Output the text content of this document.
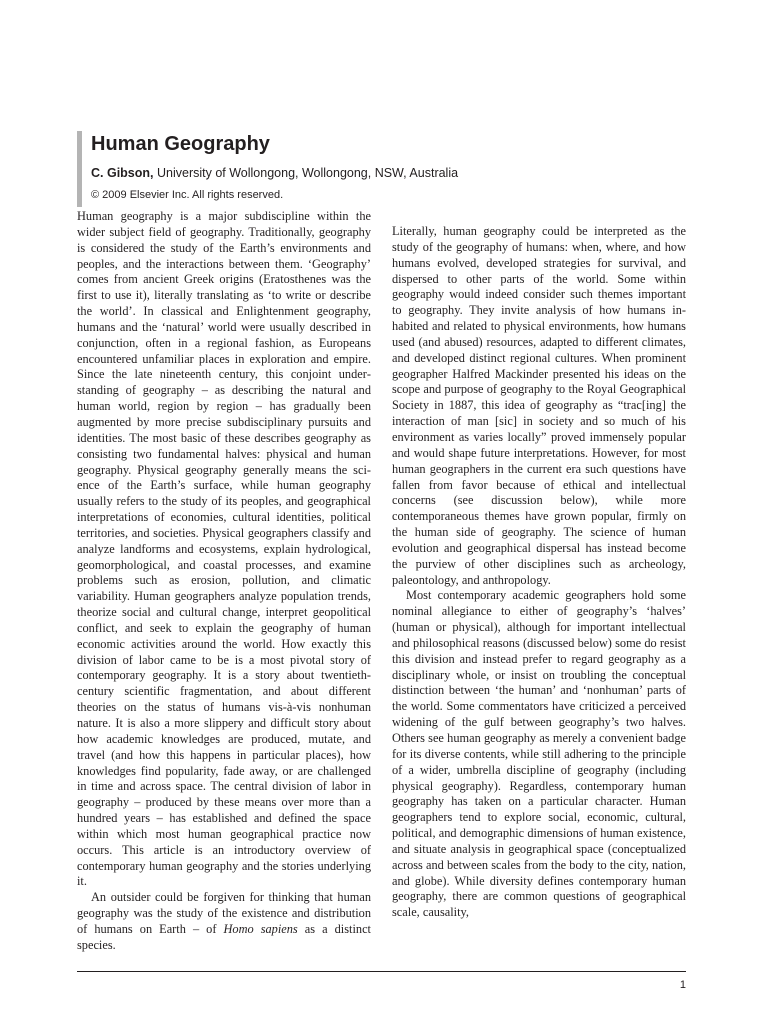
Human Geography

C. Gibson, University of Wollongong, Wollongong, NSW, Australia

© 2009 Elsevier Inc. All rights reserved.

Human geography is a major subdiscipline within the wider subject field of geography. Traditionally, geography is considered the study of the Earth’s environments and peoples, and the interactions between them. ‘Geography’ comes from ancient Greek origins (Eratosthenes was the first to use it), literally translating as ‘to write or describe the world’. In classical and Enlightenment geography, humans and the ‘natural’ world were usually described in conjunction, often in a regional fashion, as Europeans encountered unfamiliar places in exploration and empire. Since the late nineteenth century, this conjoint understanding of geography – as describing the natural and human world, region by region – has gradually been augmented by more precise subdisciplinary pursuits and identities. The most basic of these describes geography as consisting two fundamental halves: physical and human geography. Physical geography generally means the science of the Earth’s surface, while human geography usually refers to the study of its peoples, and geographical interpretations of economies, cultural identities, political territories, and societies. Physical geographers classify and analyze landforms and ecosystems, explain hydrological, geomorphological, and coastal processes, and examine problems such as erosion, pollution, and climatic variability. Human geographers analyze population trends, theorize social and cultural change, interpret geopolitical conflict, and seek to explain the geography of human economic activities around the world. How exactly this division of labor came to be is a most pivotal story of contemporary geography. It is a story about twentieth-century scientific fragmentation, and about different theories on the status of humans vis-à-vis nonhuman nature. It is also a more slippery and difficult story about how academic knowledges are produced, mutate, and travel (and how this happens in particular places), how knowledges find popularity, fade away, or are challenged in time and across space. The central division of labor in geography – produced by these means over more than a hundred years – has established and defined the space within which most human geographical practice now occurs. This article is an introductory overview of contemporary human geography and the stories underlying it.

An outsider could be forgiven for thinking that human geography was the study of the existence and distribution of humans on Earth – of Homo sapiens as a distinct species.

Literally, human geography could be interpreted as the study of the geography of humans: when, where, and how humans evolved, developed strategies for survival, and dispersed to other parts of the world. Some within geography would indeed consider such themes important to geography. They invite analysis of how humans inhabited and related to physical environments, how humans used (and abused) resources, adapted to different climates, and developed distinct regional cultures. When prominent geographer Halfred Mackinder presented his ideas on the scope and purpose of geography to the Royal Geographical Society in 1887, this idea of geography as “trac[ing] the interaction of man [sic] in society and so much of his environment as varies locally” proved immensely popular and would shape future interpretations. However, for most human geographers in the current era such questions have fallen from favor because of ethical and intellectual concerns (see discussion below), while more contemporaneous themes have grown popular, firmly on the human side of geography. The science of human evolution and geographical dispersal has instead become the purview of other disciplines such as archeology, paleontology, and anthropology.

Most contemporary academic geographers hold some nominal allegiance to either of geography’s ‘halves’ (human or physical), although for important intellectual and philosophical reasons (discussed below) some do resist this division and instead prefer to regard geography as a disciplinary whole, or insist on troubling the conceptual distinction between ‘the human’ and ‘nonhuman’ parts of the world. Some commentators have criticized a perceived widening of the gulf between geography’s two halves. Others see human geography as merely a convenient badge for its diverse contents, while still adhering to the principle of a wider, umbrella discipline of geography (including physical geography). Regardless, contemporary human geography has taken on a particular character. Human geographers tend to explore social, economic, cultural, political, and demographic dimensions of human existence, and situate analysis in geographical space (conceptualized across and between scales from the body to the city, nation, and globe). While diversity defines contemporary human geography, there are common questions of geographical scale, causality,

1
